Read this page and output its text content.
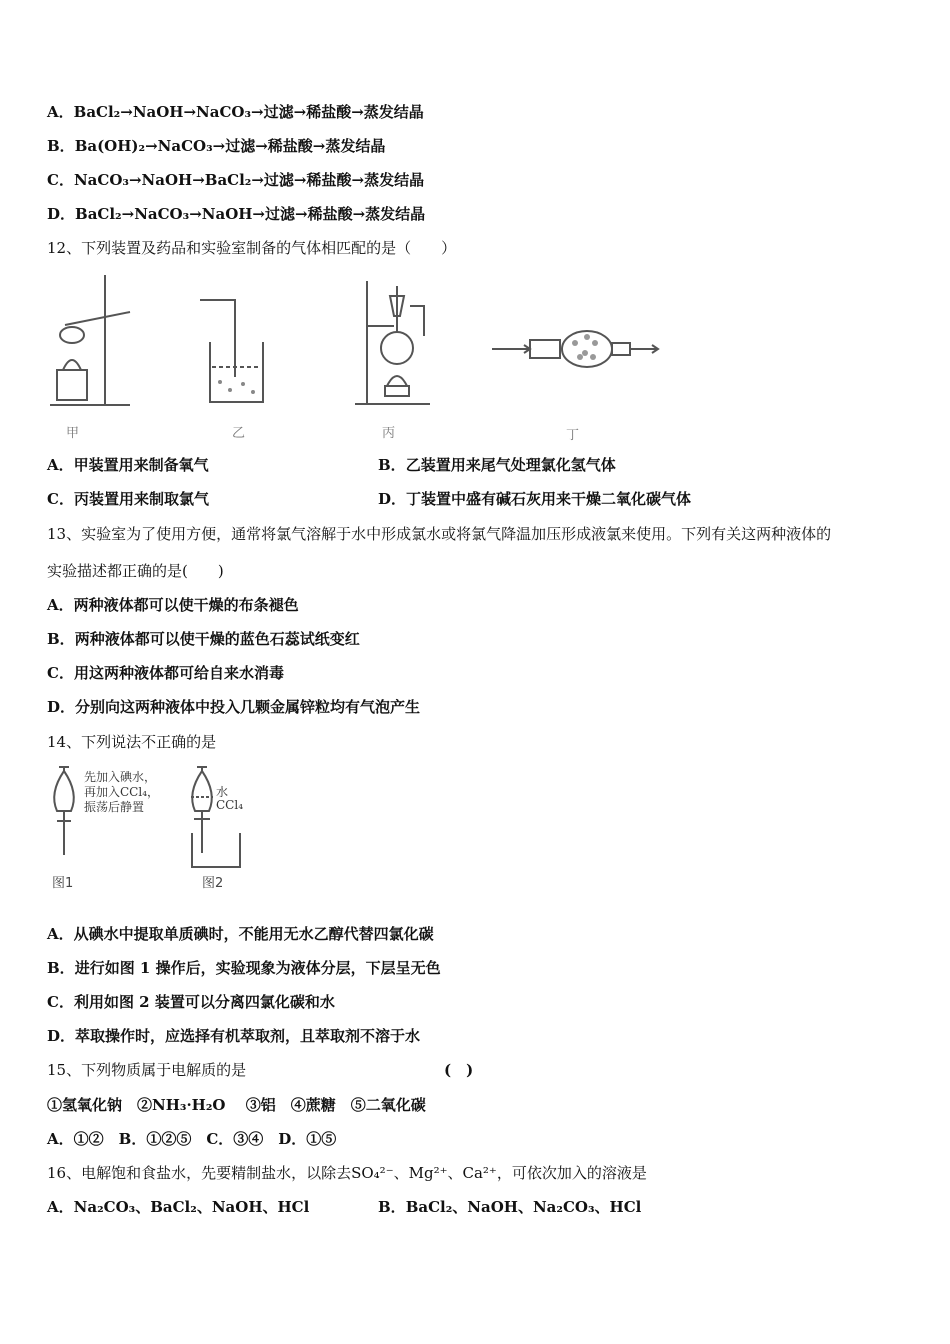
A．BaCl₂→NaOH→NaCO₃→过滤→稀盐酸→蒸发结晶
B．Ba(OH)₂→NaCO₃→过滤→稀盐酸→蒸发结晶
C．NaCO₃→NaOH→BaCl₂→过滤→稀盐酸→蒸发结晶
D．BaCl₂→NaCO₃→NaOH→过滤→稀盐酸→蒸发结晶
12、下列装置及药品和实验室制备的气体相匹配的是（　　）
甲	乙	丙	丁
A．甲装置用来制备氧气	B．乙装置用来尾气处理氯化氢气体
C．丙装置用来制取氯气	D．丁装置中盛有碱石灰用来干燥二氧化碳气体
13、实验室为了使用方便，通常将氯气溶解于水中形成氯水或将氯气降温加压形成液氯来使用。下列有关这两种液体的
实验描述都正确的是(　　)
A．两种液体都可以使干燥的布条褪色
B．两种液体都可以使干燥的蓝色石蕊试纸变红
C．用这两种液体都可给自来水消毒
D．分别向这两种液体中投入几颗金属锌粒均有气泡产生
14、下列说法不正确的是
先加入碘水，
再加入CCl₄，
振荡后静置
图1
水
CCl₄
图2
A．从碘水中提取单质碘时，不能用无水乙醇代替四氯化碳
B．进行如图 1 操作后，实验现象为液体分层，下层呈无色
C．利用如图 2 装置可以分离四氯化碳和水
D．萃取操作时，应选择有机萃取剂，且萃取剂不溶于水
15、下列物质属于电解质的是	(　)
①氢氧化钠　②NH₃·H₂O　 ③铝　④蔗糖　⑤二氧化碳
A．①②　B．①②⑤　C．③④　D．①⑤
16、电解饱和食盐水，先要精制盐水，以除去SO₄²⁻、Mg²⁺、Ca²⁺，可依次加入的溶液是
A．Na₂CO₃、BaCl₂、NaOH、HCl	B．BaCl₂、NaOH、Na₂CO₃、HCl
